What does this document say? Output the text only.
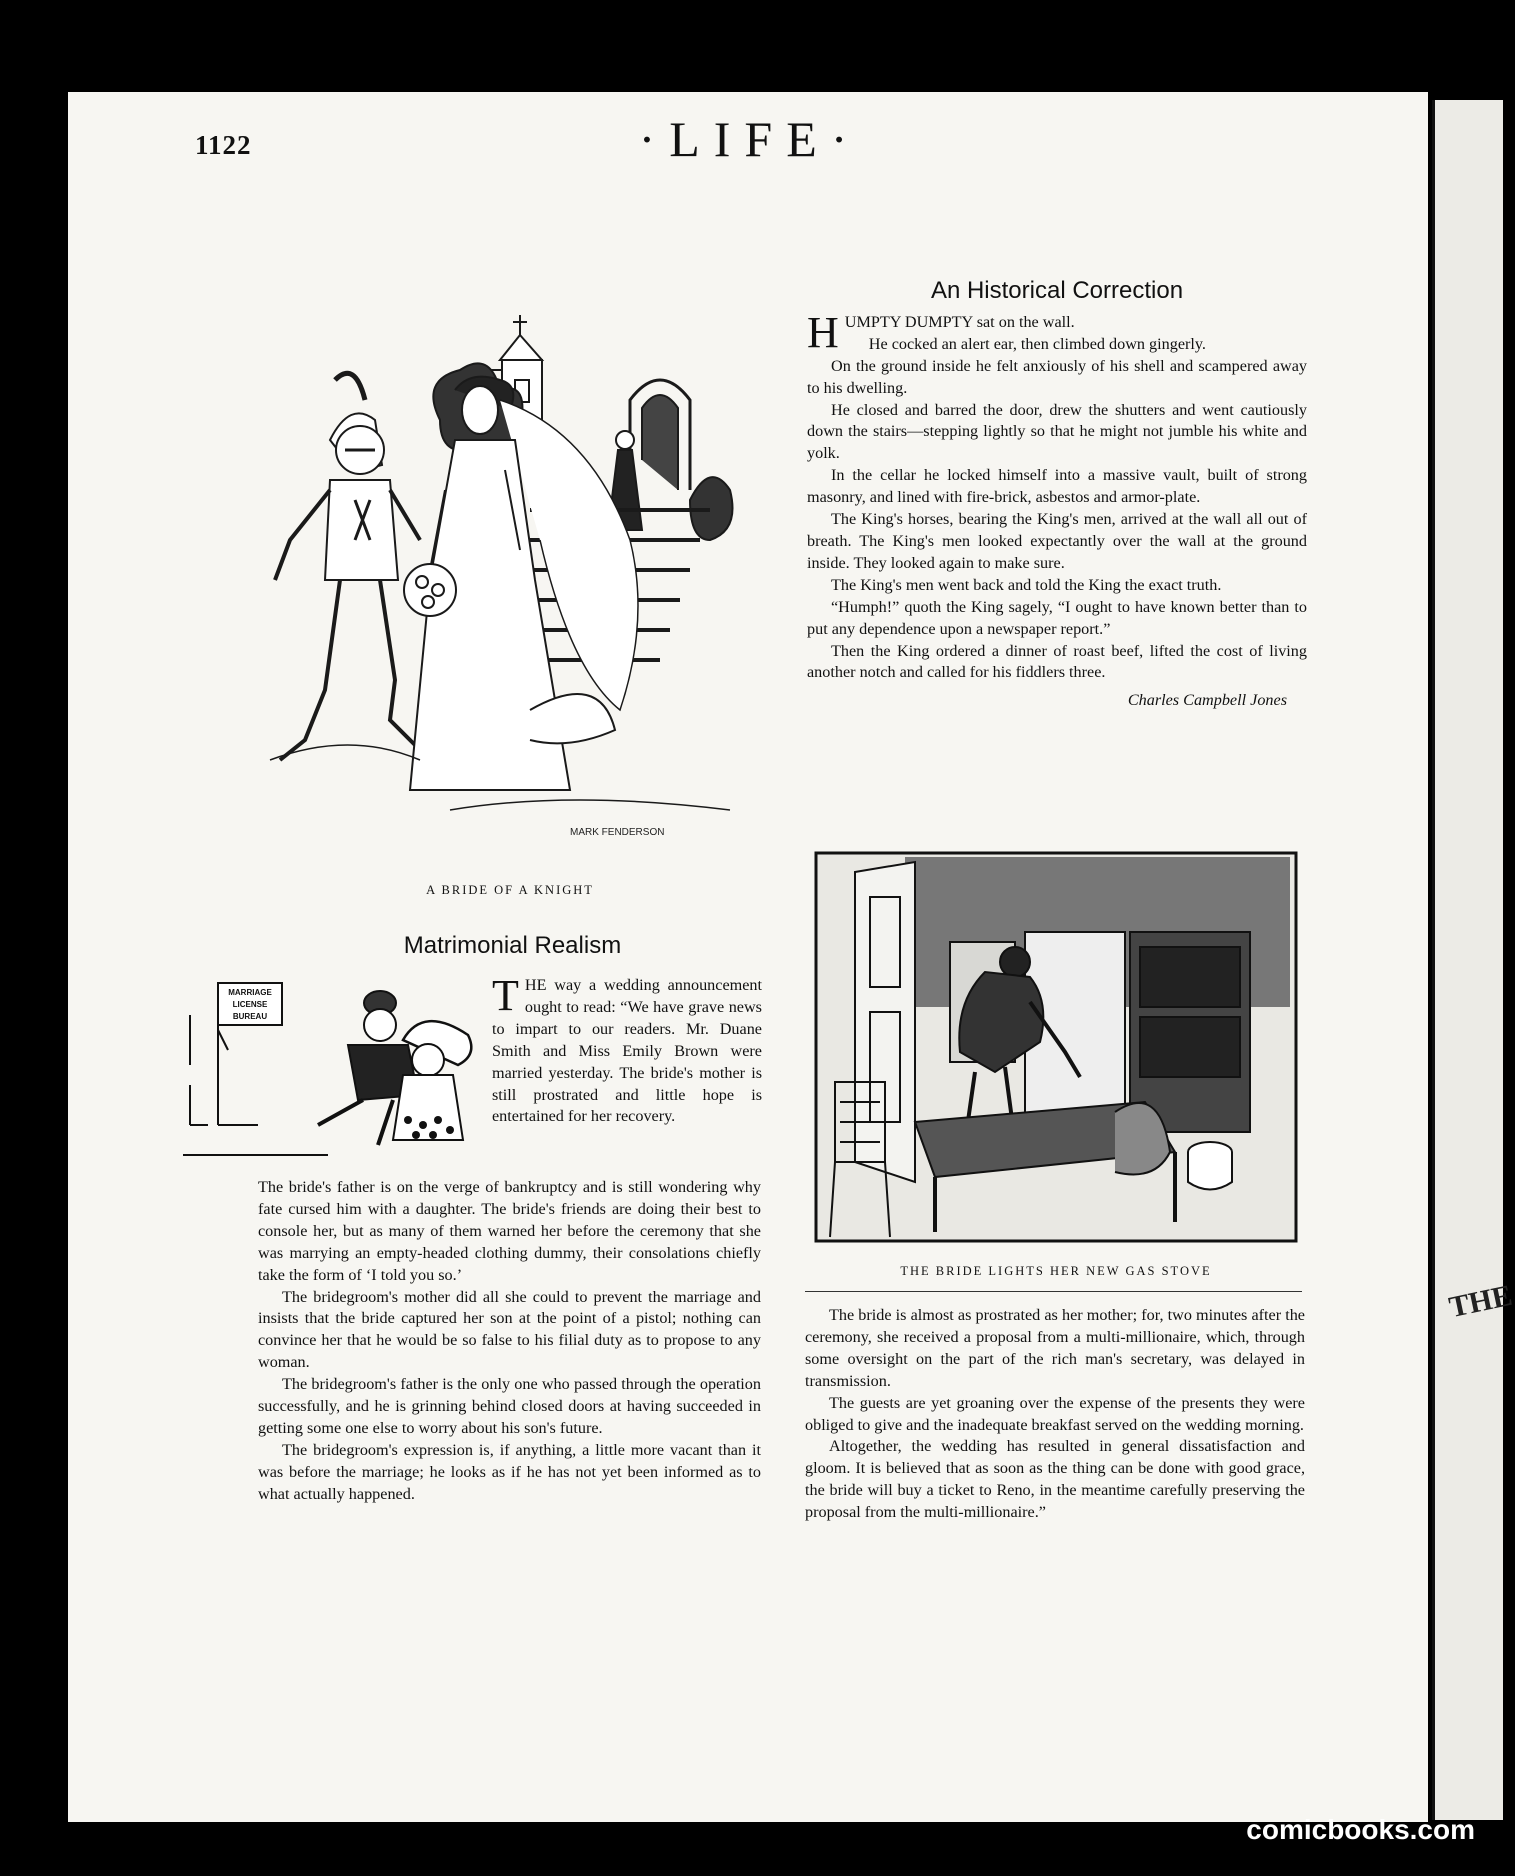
THE
1122	·LIFE·
MARK FENDERSON

A BRIDE OF A KNIGHT

Matrimonial Realism
MARRIAGE
LICENSE
BUREAU	THE way a wedding announcement ought to read: “We have grave news to impart to our readers. Mr. Duane Smith and Miss Emily Brown were married yesterday. The bride's mother is still prostrated and little hope is entertained for her recovery.

The bride's father is on the verge of bankruptcy and is still wondering why fate cursed him with a daughter. The bride's friends are doing their best to console her, but as many of them warned her before the ceremony that she was marrying an empty-headed clothing dummy, their consolations chiefly take the form of ‘I told you so.’

The bridegroom's mother did all she could to prevent the marriage and insists that the bride captured her son at the point of a pistol; nothing can convince her that he would be so false to his filial duty as to propose to any woman.

The bridegroom's father is the only one who passed through the operation successfully, and he is grinning behind closed doors at having succeeded in getting some one else to worry about his son's future.

The bridegroom's expression is, if anything, a little more vacant than it was before the marriage; he looks as if he has not yet been informed as to what actually happened.

An Historical Correction

HUMPTY DUMPTY sat on the wall.

He cocked an alert ear, then climbed down gingerly.

On the ground inside he felt anxiously of his shell and scampered away to his dwelling.

He closed and barred the door, drew the shutters and went cautiously down the stairs—stepping lightly so that he might not jumble his white and yolk.

In the cellar he locked himself into a massive vault, built of strong masonry, and lined with fire-brick, asbestos and armor-plate.

The King's horses, bearing the King's men, arrived at the wall all out of breath. The King's men looked expectantly over the wall at the ground inside. They looked again to make sure.

The King's men went back and told the King the exact truth.

“Humph!” quoth the King sagely, “I ought to have known better than to put any dependence upon a newspaper report.”

Then the King ordered a dinner of roast beef, lifted the cost of living another notch and called for his fiddlers three.

Charles Campbell Jones

THE BRIDE LIGHTS HER NEW GAS STOVE

The bride is almost as prostrated as her mother; for, two minutes after the ceremony, she received a proposal from a multi-millionaire, which, through some oversight on the part of the rich man's secretary, was delayed in transmission.

The guests are yet groaning over the expense of the presents they were obliged to give and the inadequate breakfast served on the wedding morning.

Altogether, the wedding has resulted in general dissatisfaction and gloom. It is believed that as soon as the thing can be done with good grace, the bride will buy a ticket to Reno, in the meantime carefully preserving the proposal from the multi-millionaire.”

comicbooks.com
